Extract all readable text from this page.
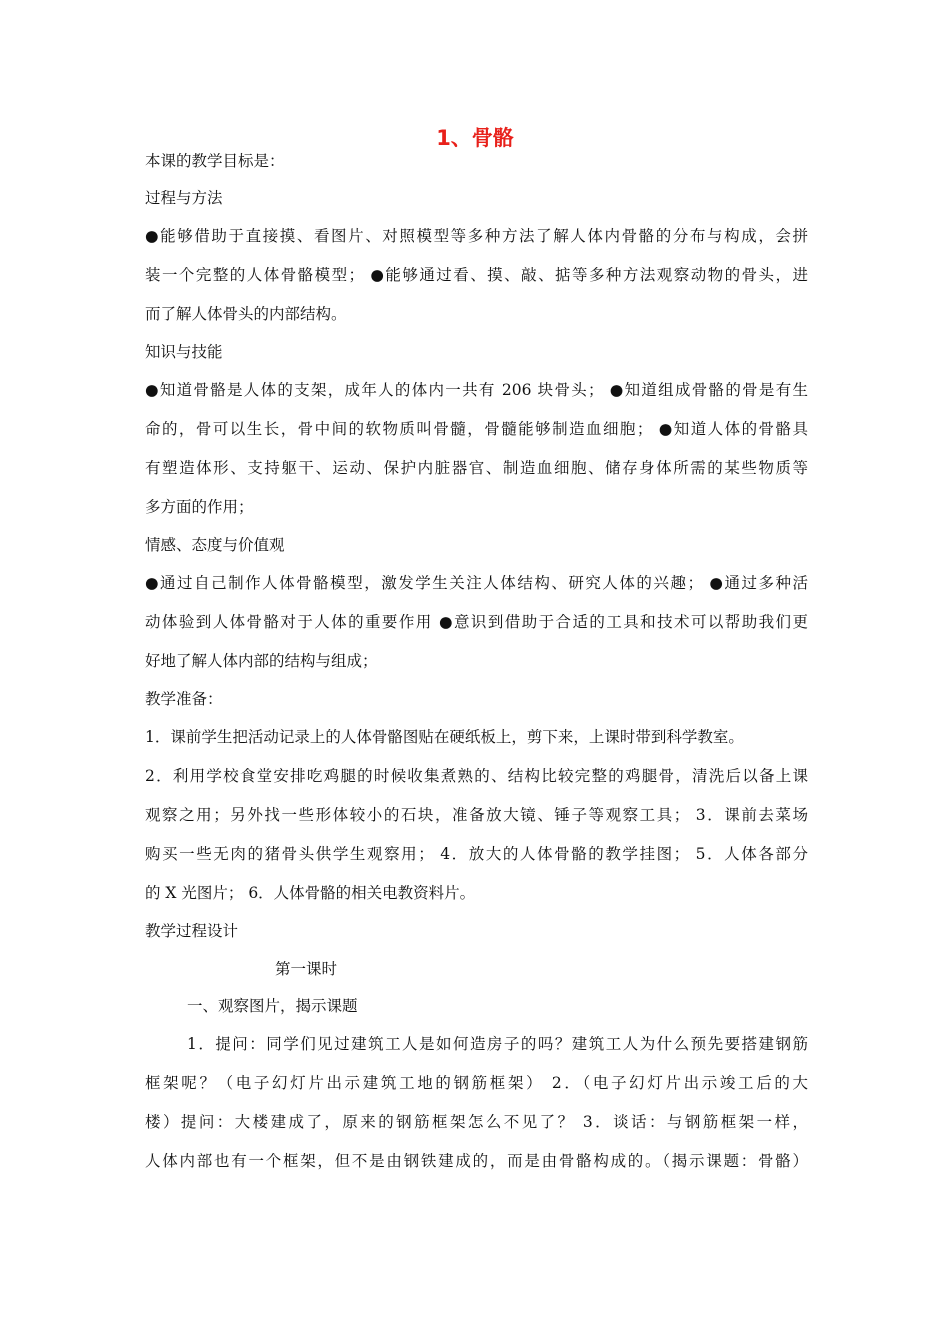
1、骨骼
本课的教学目标是：
过程与方法
●能够借助于直接摸、看图片、对照模型等多种方法了解人体内骨骼的分布与构成，会拼
装一个完整的人体骨骼模型； ●能够通过看、摸、敲、掂等多种方法观察动物的骨头，进
而了解人体骨头的内部结构。
知识与技能
●知道骨骼是人体的支架，成年人的体内一共有 206 块骨头； ●知道组成骨骼的骨是有生
命的，骨可以生长，骨中间的软物质叫骨髓，骨髓能够制造血细胞； ●知道人体的骨骼具
有塑造体形、支持躯干、运动、保护内脏器官、制造血细胞、储存身体所需的某些物质等
多方面的作用；
情感、态度与价值观
●通过自己制作人体骨骼模型，激发学生关注人体结构、研究人体的兴趣； ●通过多种活
动体验到人体骨骼对于人体的重要作用 ●意识到借助于合适的工具和技术可以帮助我们更
好地了解人体内部的结构与组成；
教学准备：
1．课前学生把活动记录上的人体骨骼图贴在硬纸板上，剪下来，上课时带到科学教室。
2．利用学校食堂安排吃鸡腿的时候收集煮熟的、结构比较完整的鸡腿骨，清洗后以备上课
观察之用；另外找一些形体较小的石块，准备放大镜、锤子等观察工具； 3．课前去菜场
购买一些无肉的猪骨头供学生观察用； 4．放大的人体骨骼的教学挂图； 5．人体各部分
的 X 光图片； 6．人体骨骼的相关电教资料片。
教学过程设计
第一课时
一、观察图片，揭示课题
1．提问：同学们见过建筑工人是如何造房子的吗？建筑工人为什么预先要搭建钢筋
框架呢？（电子幻灯片出示建筑工地的钢筋框架） 2．（电子幻灯片出示竣工后的大
楼）提问：大楼建成了，原来的钢筋框架怎么不见了？ 3．谈话：与钢筋框架一样，
人体内部也有一个框架，但不是由钢铁建成的，而是由骨骼构成的。（揭示课题：骨骼）
